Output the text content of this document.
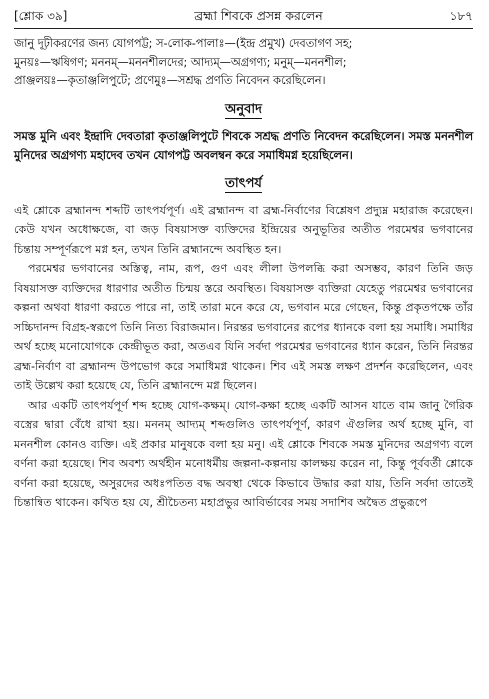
[শ্লোক ৩৯]	ব্রহ্মা শিবকে প্রসন্ন করলেন	১৮৭

জানু দূঢ়ীকরণের জন্য যোগপট্ট; স-লোক-পালাঃ—(ইন্দ্র প্রমুখ) দেবতাগণ সহ;

মুনয়ঃ—ঋষিগণ; মননম্‌—মননশীলদের; আদ্যম্‌—অগ্রগণ্য; মনুম্‌—মননশীল;

প্রাঞ্জলয়ঃ—কৃতাঞ্জলিপুটে; প্রণেমুঃ—সশ্রদ্ধ প্রণতি নিবেদন করেছিলেন।

অনুবাদ

সমস্ত মুনি এবং ইন্দ্রাদি দেবতারা কৃতাঞ্জলিপুটে শিবকে সশ্রদ্ধ প্রণতি নিবেদন করেছিলেন। সমস্ত মননশীল মুনিদের অগ্রগণ্য মহাদেব তখন যোগপট্ট অবলম্বন করে সমাধিমগ্ন হয়েছিলেন।

তাৎপর্য

এই শ্লোকে ব্রহ্মানন্দ শব্দটি তাৎপর্যপূর্ণ। এই ব্রহ্মানন্দ বা ব্রহ্ম-নির্বাণের বিশ্লেষণ প্রদ্যুম্ন মহারাজ করেছেন। কেউ যখন অধোক্ষজে, বা জড় বিষয়াসক্ত ব্যক্তিদের ইন্দ্রিয়ের অনুভূতির অতীত পরমেশ্বর ভগবানের চিন্তায় সম্পূর্ণরূপে মগ্ন হন, তখন তিনি ব্রহ্মানন্দে অবস্থিত হন।

পরমেশ্বর ভগবানের অস্তিত্ব, নাম, রূপ, গুণ এবং লীলা উপলব্ধি করা অসম্ভব, কারণ তিনি জড় বিষয়াসক্ত ব্যক্তিদের ধারণার অতীত চিন্ময় স্তরে অবস্থিত। বিষয়াসক্ত ব্যক্তিরা যেহেতু পরমেশ্বর ভগবানের কল্পনা অথবা ধারণা করতে পারে না, তাই তারা মনে করে যে, ভগবান মরে গেছেন, কিন্তু প্রকৃতপক্ষে তাঁর সচ্চিদানন্দ বিগ্রহ-স্বরূপে তিনি নিত্য বিরাজমান। নিরন্তর ভগবানের রূপের ধ্যানকে বলা হয় সমাধি। সমাধির অর্থ হচ্ছে মনোযোগকে কেন্দ্রীভূত করা, অতএব যিনি সর্বদা পরমেশ্বর ভগবানের ধ্যান করেন, তিনি নিরন্তর ব্রহ্ম-নির্বাণ বা ব্রহ্মানন্দ উপভোগ করে সমাধিমগ্ন থাকেন। শিব এই সমস্ত লক্ষণ প্রদর্শন করেছিলেন, এবং তাই উল্লেখ করা হয়েছে যে, তিনি ব্রহ্মানন্দে মগ্ন ছিলেন।

আর একটি তাৎপর্যপূর্ণ শব্দ হচ্ছে যোগ-কক্ষম্‌। যোগ-কক্ষা হচ্ছে একটি আসন যাতে বাম জানু গৈরিক বস্ত্রের দ্বারা বেঁধে রাখা হয়। মননম্‌ আদ্যম্‌ শব্দগুলিও তাৎপর্যপূর্ণ, কারণ ঐগুলির অর্থ হচ্ছে মুনি, বা মননশীল কোনও ব্যক্তি। এই প্রকার মানুষকে বলা হয় মনু। এই শ্লোকে শিবকে সমস্ত মুনিদের অগ্রগণ্য বলে বর্ণনা করা হয়েছে। শিব অবশ্য অর্থহীন মনোধর্মীয় জল্পনা-কল্পনায় কালক্ষয় করেন না, কিন্তু পূর্ববর্তী শ্লোকে বর্ণনা করা হয়েছে, অসুরদের অধঃপতিত বদ্ধ অবস্থা থেকে কিভাবে উদ্ধার করা যায়, তিনি সর্বদা তাতেই চিন্তান্বিত থাকেন। কথিত হয় যে, শ্রীচৈতন্য মহাপ্রভুর আবির্ভাবের সময় সদাশিব অদ্বৈত প্রভুরূপে
